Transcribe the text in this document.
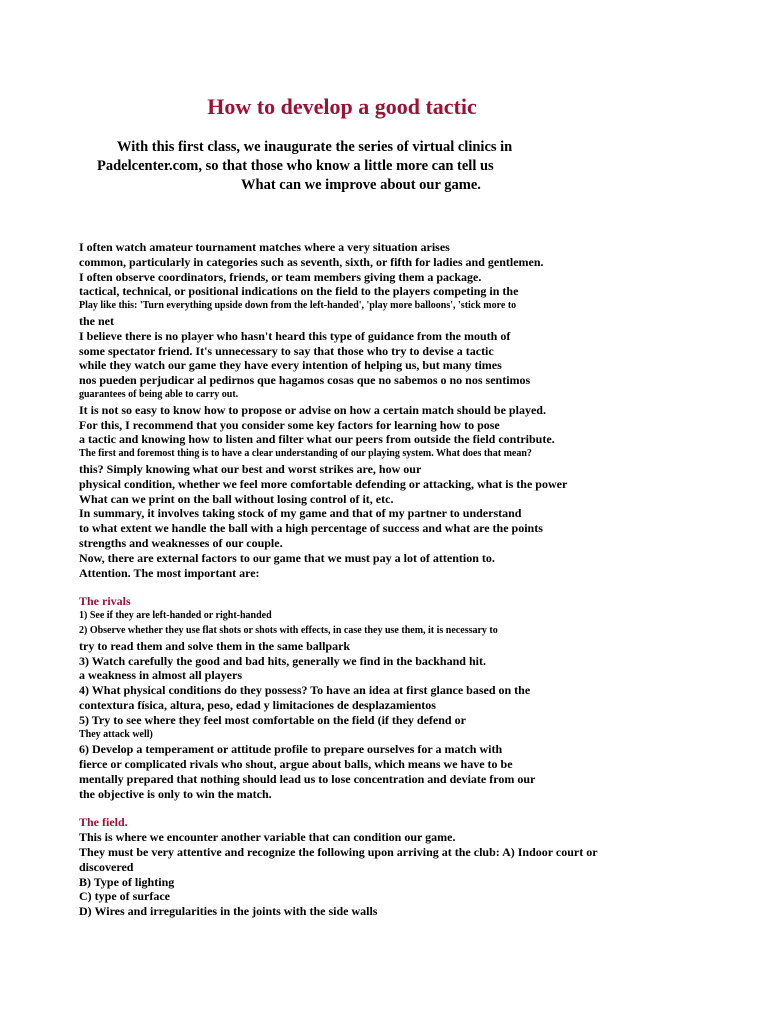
How to develop a good tactic
With this first class, we inaugurate the series of virtual clinics in
Padelcenter.com, so that those who know a little more can tell us
What can we improve about our game.
I often watch amateur tournament matches where a very situation arises
common, particularly in categories such as seventh, sixth, or fifth for ladies and gentlemen.
I often observe coordinators, friends, or team members giving them a package.
tactical, technical, or positional indications on the field to the players competing in the
Play like this: 'Turn everything upside down from the left-handed', 'play more balloons', 'stick more to
the net
I believe there is no player who hasn't heard this type of guidance from the mouth of
some spectator friend. It's unnecessary to say that those who try to devise a tactic
while they watch our game they have every intention of helping us, but many times
nos pueden perjudicar al pedirnos que hagamos cosas que no sabemos o no nos sentimos
guarantees of being able to carry out.
It is not so easy to know how to propose or advise on how a certain match should be played.
For this, I recommend that you consider some key factors for learning how to pose
a tactic and knowing how to listen and filter what our peers from outside the field contribute.
The first and foremost thing is to have a clear understanding of our playing system. What does that mean?
this? Simply knowing what our best and worst strikes are, how our
physical condition, whether we feel more comfortable defending or attacking, what is the power
What can we print on the ball without losing control of it, etc.
In summary, it involves taking stock of my game and that of my partner to understand
to what extent we handle the ball with a high percentage of success and what are the points
strengths and weaknesses of our couple.
Now, there are external factors to our game that we must pay a lot of attention to.
Attention. The most important are:
The rivals
1) See if they are left-handed or right-handed
2) Observe whether they use flat shots or shots with effects, in case they use them, it is necessary to
try to read them and solve them in the same ballpark
3) Watch carefully the good and bad hits, generally we find in the backhand hit.
a weakness in almost all players
4) What physical conditions do they possess? To have an idea at first glance based on the
contextura física, altura, peso, edad y limitaciones de desplazamientos
5) Try to see where they feel most comfortable on the field (if they defend or
They attack well)
6) Develop a temperament or attitude profile to prepare ourselves for a match with
fierce or complicated rivals who shout, argue about balls, which means we have to be
mentally prepared that nothing should lead us to lose concentration and deviate from our
the objective is only to win the match.
The field.
This is where we encounter another variable that can condition our game.
They must be very attentive and recognize the following upon arriving at the club: A) Indoor court or
discovered
B) Type of lighting
C) type of surface
D) Wires and irregularities in the joints with the side walls
